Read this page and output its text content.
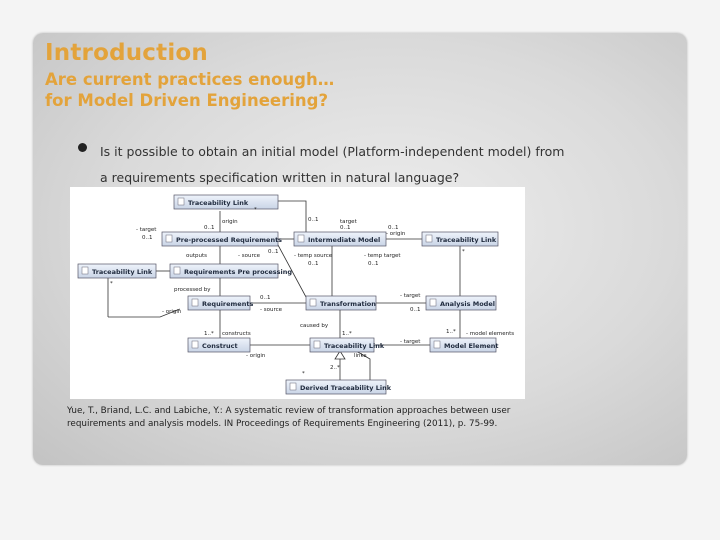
Introduction
Are current practices enough…
for Model Driven Engineering?
Is it possible to obtain an initial model (Platform-independent model) from
a requirements specification written in natural language?
Traceability Link
Pre-processed Requirements	Intermediate Model	Traceability Link
Traceability Link	Requirements Pre processing
Requirements	Transformation	Analysis Model
Construct	Traceability Link	Model Element
Derived Traceability Link
origin
0..1
- target
0..1
0..1	target
0..1
- origin
0..1
*
outputs	- source
0..1
- temp source	- temp target
0..1	0..1
*
processed by
- target
- origin
0..1
- source	0..1
caused by
1..* constructs	1..*
- target
1..* - model elements
- origin
2..*
links
*
*
Yue, T., Briand, L.C. and Labiche, Y.: A systematic review of transformation approaches between user
requirements and analysis models. IN Proceedings of Requirements Engineering (2011), p. 75-99.
